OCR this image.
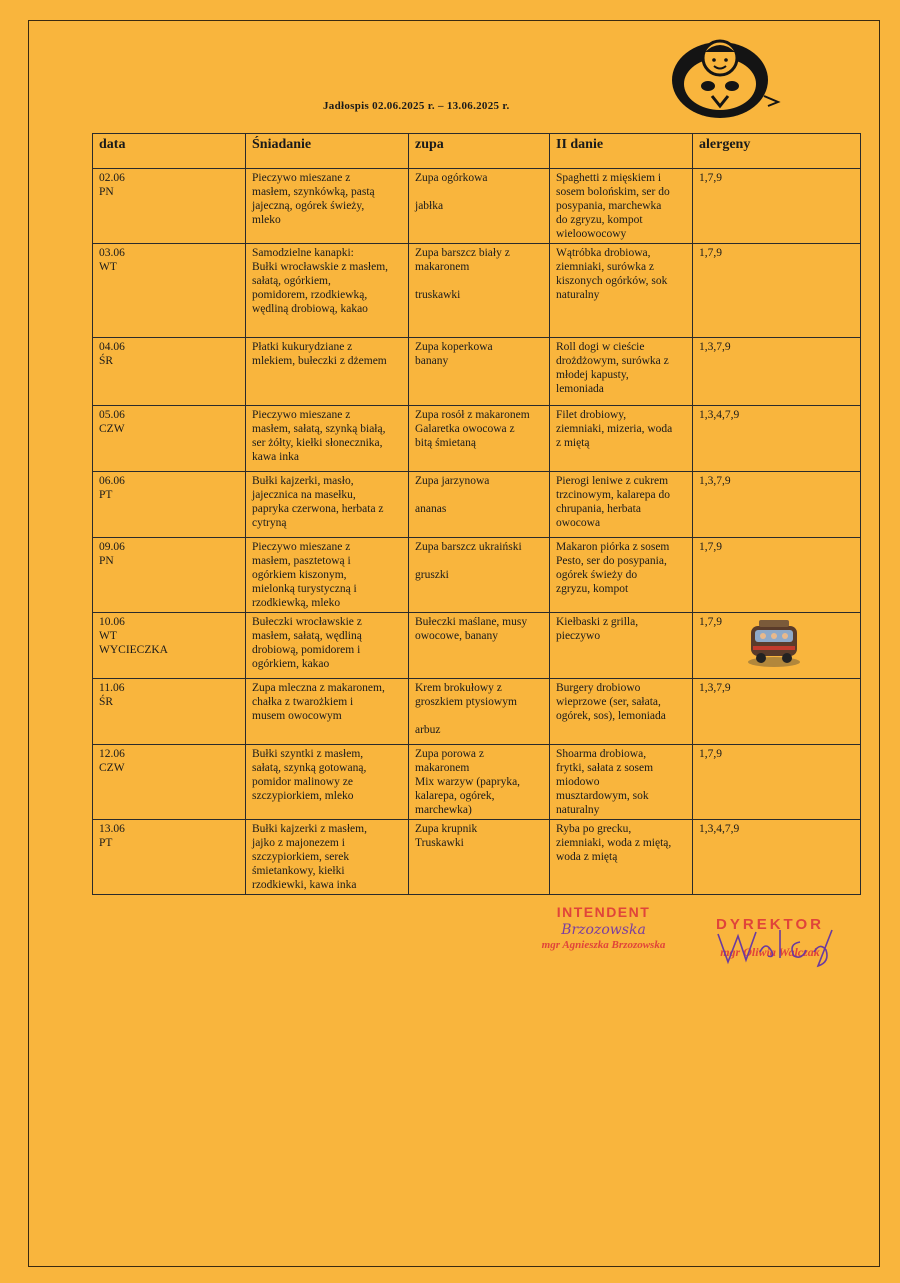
Jadłospis 02.06.2025 r. – 13.06.2025 r.
data	Śniadanie	zupa	II danie	alergeny

02.06
PN	Pieczywo mieszane z
masłem, szynkówką, pastą
jajeczną, ogórek świeży,
mleko	Zupa ogórkowa
jabłka	Spaghetti z mięskiem i
sosem bolońskim, ser do
posypania, marchewka
do zgryzu, kompot
wieloowocowy	1,7,9

03.06
WT	Samodzielne kanapki:
Bułki wrocławskie z masłem,
sałatą, ogórkiem,
pomidorem, rzodkiewką,
wędliną drobiową, kakao	Zupa barszcz biały z
makaronem
truskawki	Wątróbka drobiowa,
ziemniaki, surówka z
kiszonych ogórków, sok
naturalny	1,7,9

04.06
ŚR	Płatki kukurydziane z
mlekiem, bułeczki z dżemem	Zupa koperkowa
banany	Roll dogi w cieście
drożdżowym, surówka z
młodej kapusty,
lemoniada	1,3,7,9

05.06
CZW	Pieczywo mieszane z
masłem, sałatą, szynką białą,
ser żółty, kiełki słonecznika,
kawa inka	Zupa rosół z makaronem
Galaretka owocowa z
bitą śmietaną	Filet drobiowy,
ziemniaki, mizeria, woda
z miętą	1,3,4,7,9

06.06
PT	Bułki kajzerki, masło,
jajecznica na masełku,
papryka czerwona, herbata z
cytryną	Zupa jarzynowa
ananas	Pierogi leniwe z cukrem
trzcinowym, kalarepa do
chrupania, herbata
owocowa	1,3,7,9

09.06
PN	Pieczywo mieszane z
masłem, pasztetową i
ogórkiem kiszonym,
mielonką turystyczną i
rzodkiewką, mleko	Zupa barszcz ukraiński
gruszki	Makaron piórka z sosem
Pesto, ser do posypania,
ogórek świeży do
zgryzu, kompot	1,7,9

10.06
WT
WYCIECZKA	Bułeczki wrocławskie z
masłem, sałatą, wędliną
drobiową, pomidorem i
ogórkiem, kakao	Bułeczki maślane, musy
owocowe, banany	Kiełbaski z grilla,
pieczywo	1,7,9

11.06
ŚR	Zupa mleczna z makaronem,
chałka z twarożkiem i
musem owocowym	Krem brokułowy z
groszkiem ptysiowym
arbuz	Burgery drobiowo
wieprzowe (ser, sałata,
ogórek, sos), lemoniada	1,3,7,9

12.06
CZW	Bułki szyntki z masłem,
sałatą, szynką gotowaną,
pomidor malinowy ze
szczypiorkiem, mleko	Zupa porowa z
makaronem
Mix warzyw (papryka,
kalarepa, ogórek,
marchewka)	Shoarma drobiowa,
frytki, sałata z sosem
miodowo
musztardowym, sok
naturalny	1,7,9

13.06
PT	Bułki kajzerki z masłem,
jajko z majonezem i
szczypiorkiem, serek
śmietankowy, kiełki
rzodkiewki, kawa inka	Zupa krupnik
Truskawki	Ryba po grecku,
ziemniaki, woda z miętą,
woda z miętą	1,3,4,7,9
INTENDENT
Brzozowska
mgr Agnieszka Brzozowska
DYREKTOR
mgr Oliwia Walczak
